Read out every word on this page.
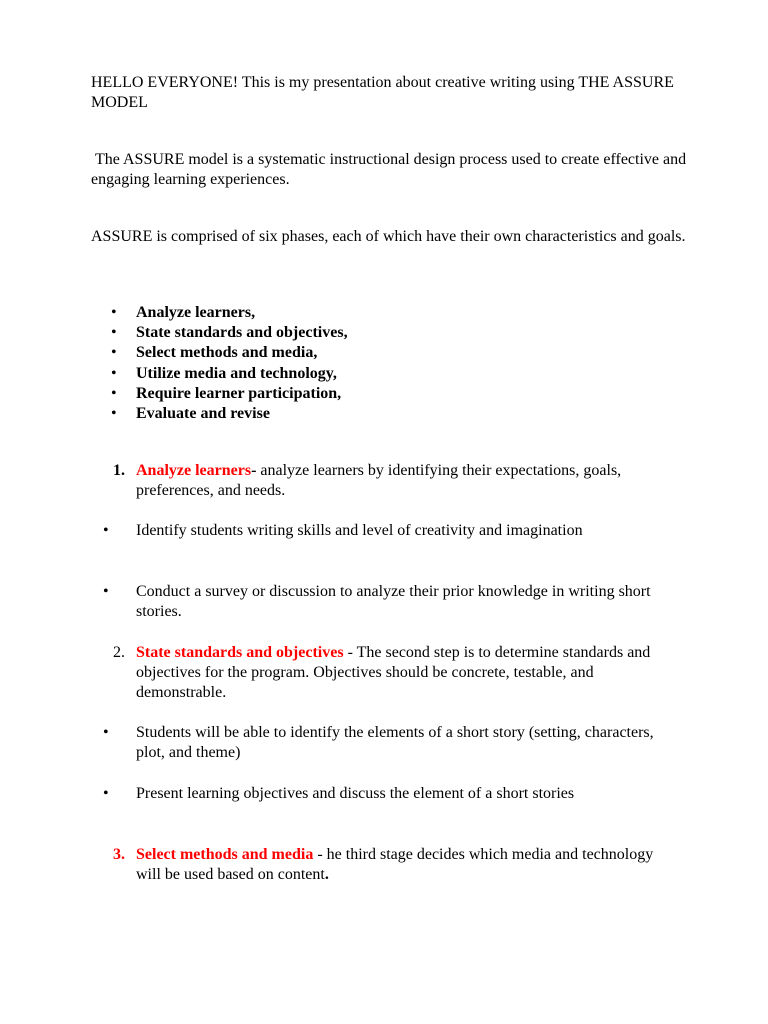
HELLO EVERYONE! This is my presentation about creative writing using THE ASSURE MODEL

The ASSURE model is a systematic instructional design process used to create effective and engaging learning experiences.

ASSURE is comprised of six phases, each of which have their own characteristics and goals.

• Analyze learners,
• State standards and objectives,
• Select methods and media,
• Utilize media and technology,
• Require learner participation,
• Evaluate and revise
1. Analyze learners- analyze learners by identifying their expectations, goals, preferences, and needs.
• Identify students writing skills and level of creativity and imagination
• Conduct a survey or discussion to analyze their prior knowledge in writing short stories.
2. State standards and objectives - The second step is to determine standards and objectives for the program. Objectives should be concrete, testable, and demonstrable.
• Students will be able to identify the elements of a short story (setting, characters, plot, and theme)
• Present learning objectives and discuss the element of a short stories
3. Select methods and media - he third stage decides which media and technology will be used based on content.
